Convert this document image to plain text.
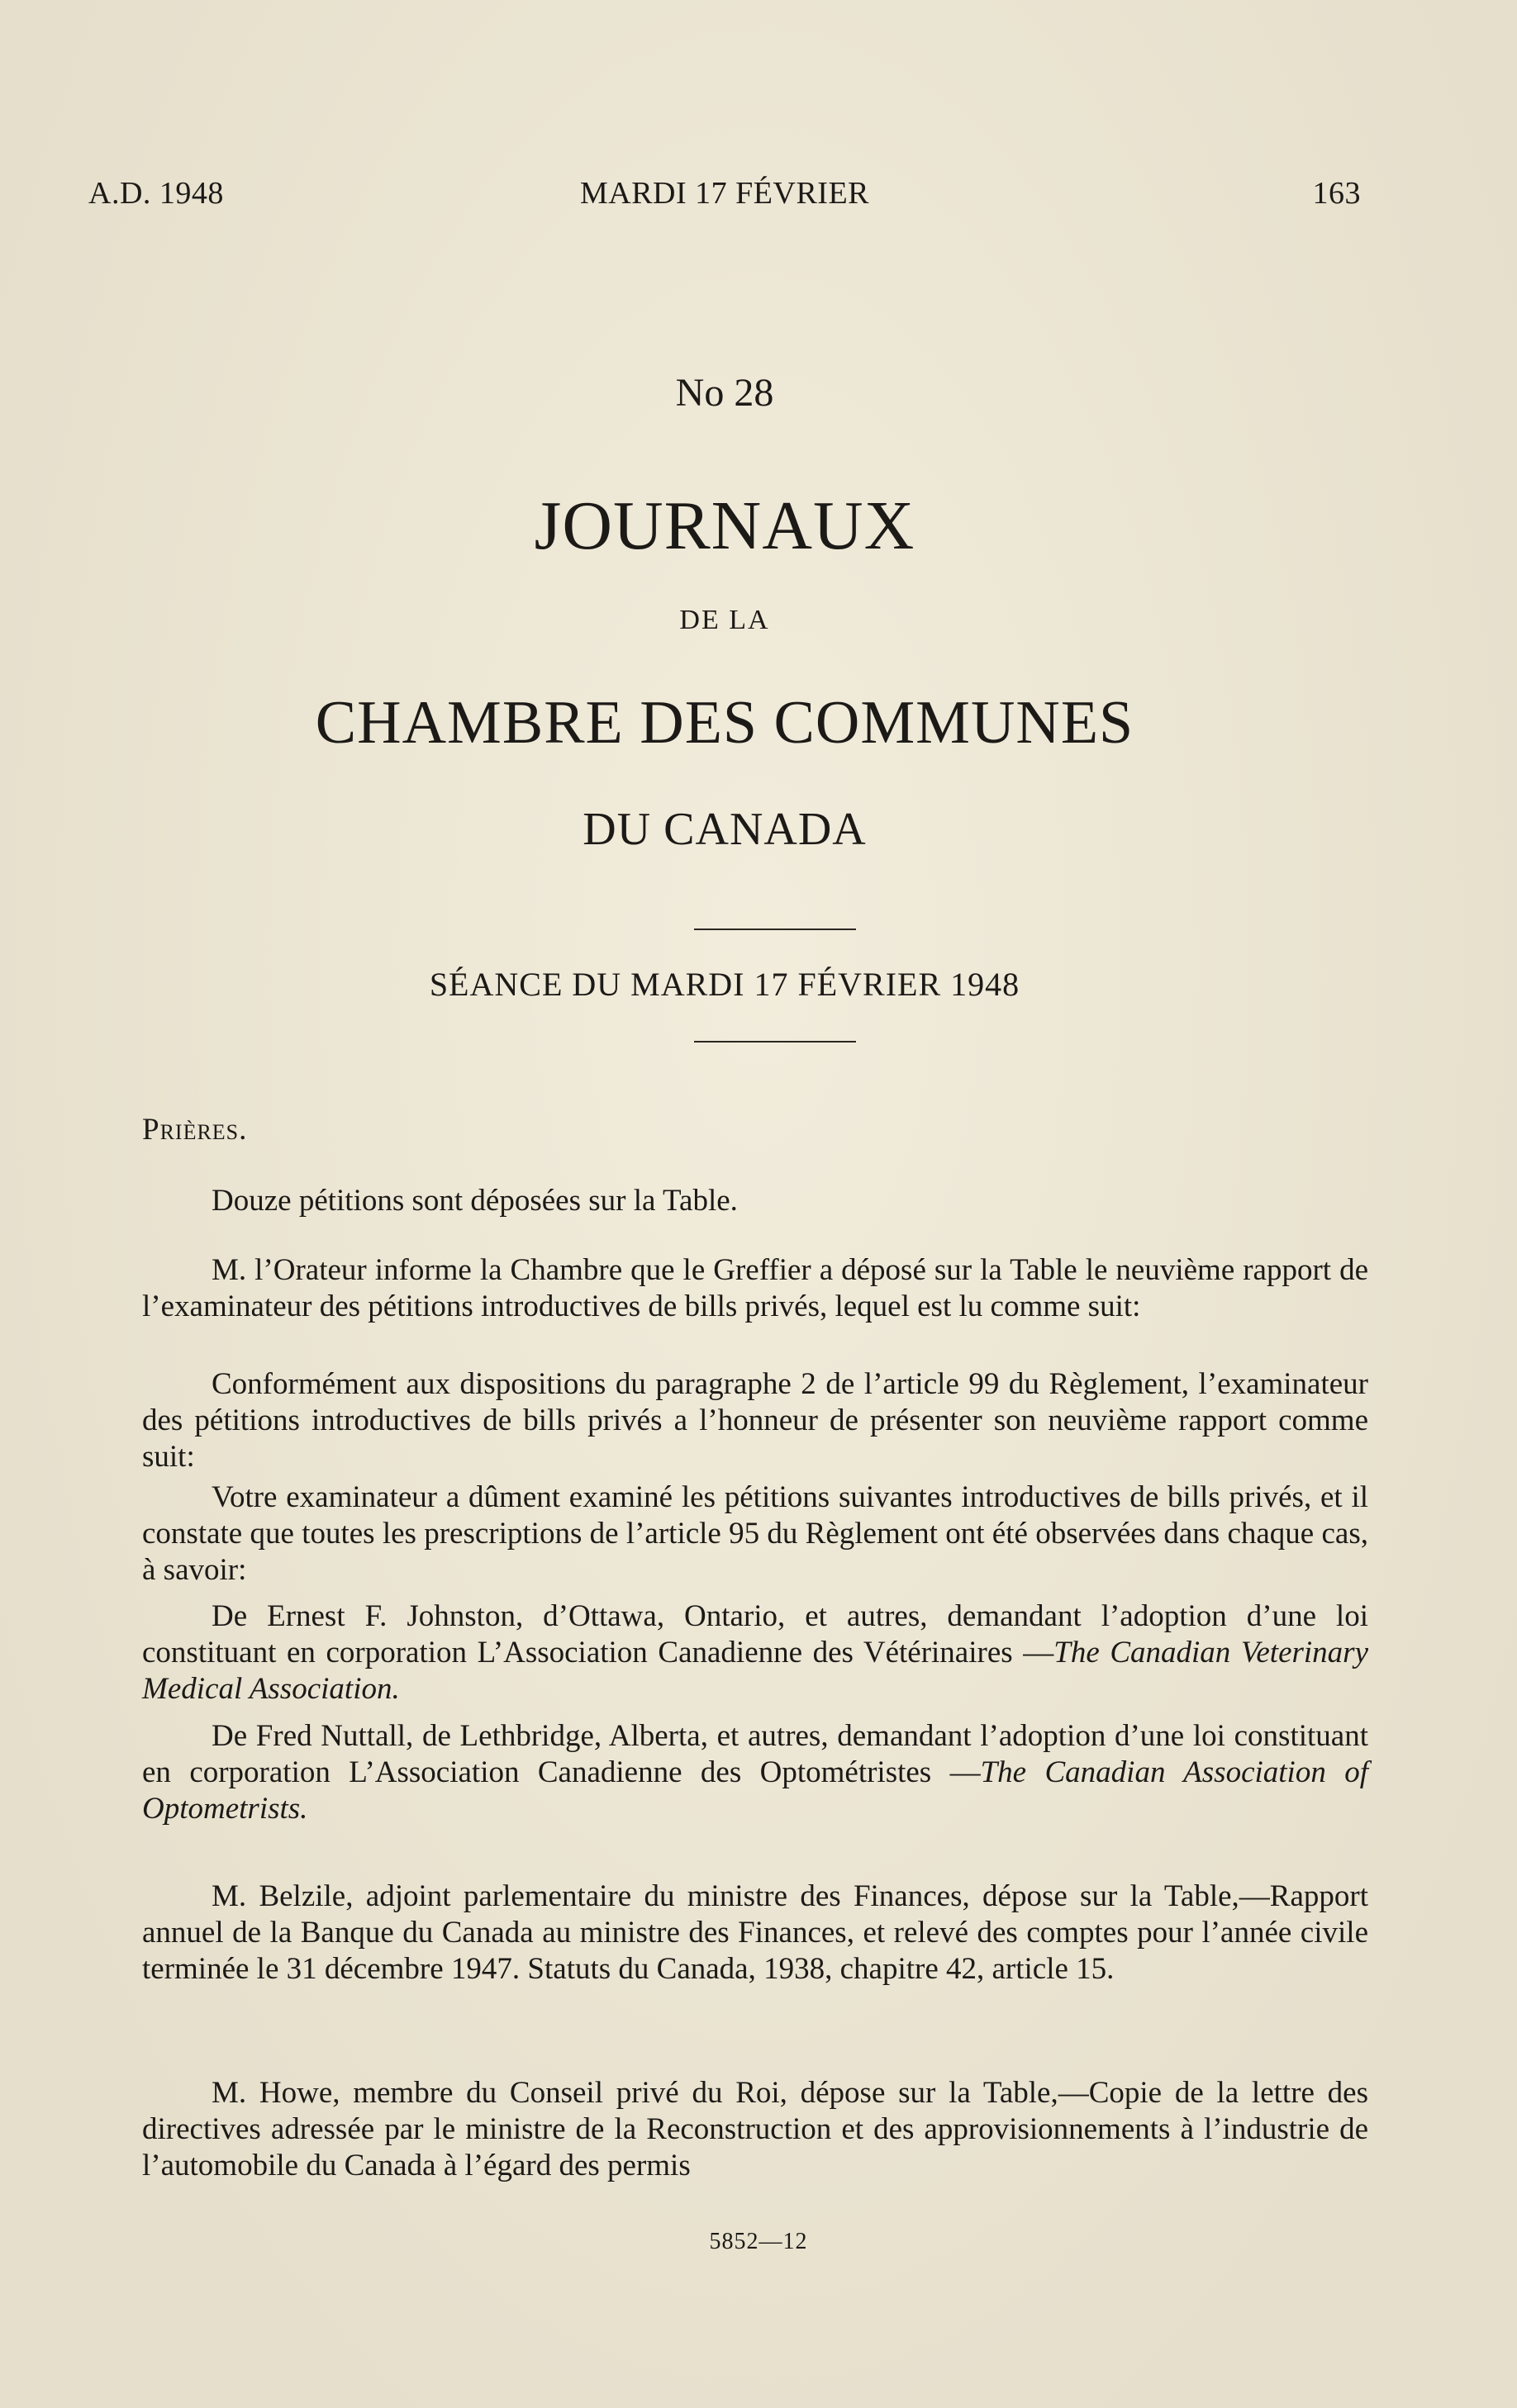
A.D. 1948	MARDI 17 FÉVRIER	163
No 28
JOURNAUX
DE LA
CHAMBRE DES COMMUNES
DU CANADA
SÉANCE DU MARDI 17 FÉVRIER 1948
Prières.
Douze pétitions sont déposées sur la Table.
M. l’Orateur informe la Chambre que le Greffier a déposé sur la Table le neuvième rapport de l’examinateur des pétitions introductives de bills privés, lequel est lu comme suit:
Conformément aux dispositions du paragraphe 2 de l’article 99 du Règlement, l’examinateur des pétitions introductives de bills privés a l’honneur de présenter son neuvième rapport comme suit:
Votre examinateur a dûment examiné les pétitions suivantes introductives de bills privés, et il constate que toutes les prescriptions de l’article 95 du Règlement ont été observées dans chaque cas, à savoir:
De Ernest F. Johnston, d’Ottawa, Ontario, et autres, demandant l’adoption d’une loi constituant en corporation L’Association Canadienne des Vétérinaires —The Canadian Veterinary Medical Association.
De Fred Nuttall, de Lethbridge, Alberta, et autres, demandant l’adoption d’une loi constituant en corporation L’Association Canadienne des Optométristes —The Canadian Association of Optometrists.
M. Belzile, adjoint parlementaire du ministre des Finances, dépose sur la Table,—Rapport annuel de la Banque du Canada au ministre des Finances, et relevé des comptes pour l’année civile terminée le 31 décembre 1947. Statuts du Canada, 1938, chapitre 42, article 15.
M. Howe, membre du Conseil privé du Roi, dépose sur la Table,—Copie de la lettre des directives adressée par le ministre de la Reconstruction et des approvisionnements à l’industrie de l’automobile du Canada à l’égard des permis
5852—12
